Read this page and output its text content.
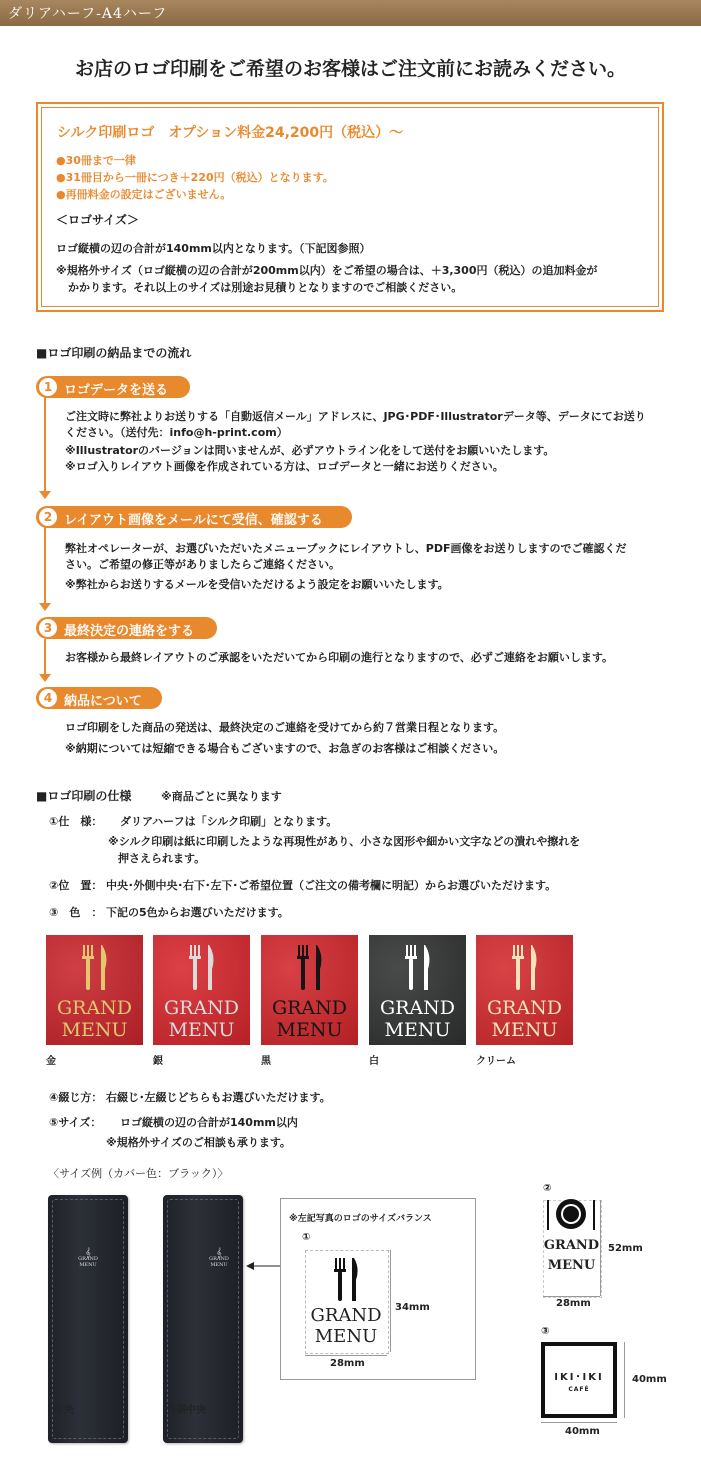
ダリアハーフ-A4ハーフ
お店のロゴ印刷をご希望のお客様はご注文前にお読みください。
シルク印刷ロゴ　オプション料金24,200円（税込）〜
●30冊まで一律
●31冊目から一冊につき＋220円（税込）となります。
●再冊料金の設定はございません。
＜ロゴサイズ＞
ロゴ縦横の辺の合計が140mm以内となります。（下記図参照）
※規格外サイズ（ロゴ縦横の辺の合計が200mm以内）をご希望の場合は、＋3,300円（税込）の追加料金が
かかります。それ以上のサイズは別途お見積りとなりますのでご相談ください。
■ロゴ印刷の納品までの流れ
1 ロゴデータを送る
ご注文時に弊社よりお送りする「自動返信メール」アドレスに、JPG･PDF･Illustratorデータ等、データにてお送り
ください。（送付先：info@h-print.com）
※Illustratorのバージョンは問いませんが、必ずアウトライン化をして送付をお願いいたします。
※ロゴ入りレイアウト画像を作成されている方は、ロゴデータと一緒にお送りください。
2 レイアウト画像をメールにて受信、確認する
弊社オペレーターが、お選びいただいたメニューブックにレイアウトし、PDF画像をお送りしますのでご確認くだ
さい。ご希望の修正等がありましたらご連絡ください。
※弊社からお送りするメールを受信いただけるよう設定をお願いいたします。
3 最終決定の連絡をする
お客様から最終レイアウトのご承認をいただいてから印刷の進行となりますので、必ずご連絡をお願いします。
4 納品について
ロゴ印刷をした商品の発送は、最終決定のご連絡を受けてから約７営業日程となります。
※納期については短縮できる場合もございますので、お急ぎのお客様はご相談ください。
■ロゴ印刷の仕様	※商品ごとに異なります
①仕　様： ダリアハーフは「シルク印刷」となります。
※シルク印刷は紙に印刷したような再現性があり、小さな図形や細かい文字などの潰れや擦れを
押さえられます。
②位　置： 中央･外側中央･右下･左下･ご希望位置（ご注文の備考欄に明記）からお選びいただけます。
③　色　： 下記の5色からお選びいただけます。
GRAND
MENU
金
GRAND
MENU
銀
GRAND
MENU
黒
GRAND
MENU
白
GRAND
MENU
クリーム
④綴じ方： 右綴じ･左綴じどちらもお選びいただけます。
⑤サイズ： ロゴ縦横の辺の合計が140mm以内
※規格外サイズのご相談も承ります。
〈サイズ例（カバー色：ブラック）〉
𝄞
GRAND
MENU
中央
𝄞
GRAND
MENU
外側中央
※左記写真のロゴのサイズバランス
①
GRAND
MENU
34mm
28mm
②
GRAND
MENU
52mm
28mm
③
IKI･IKI
CAFÉ
40mm
40mm
